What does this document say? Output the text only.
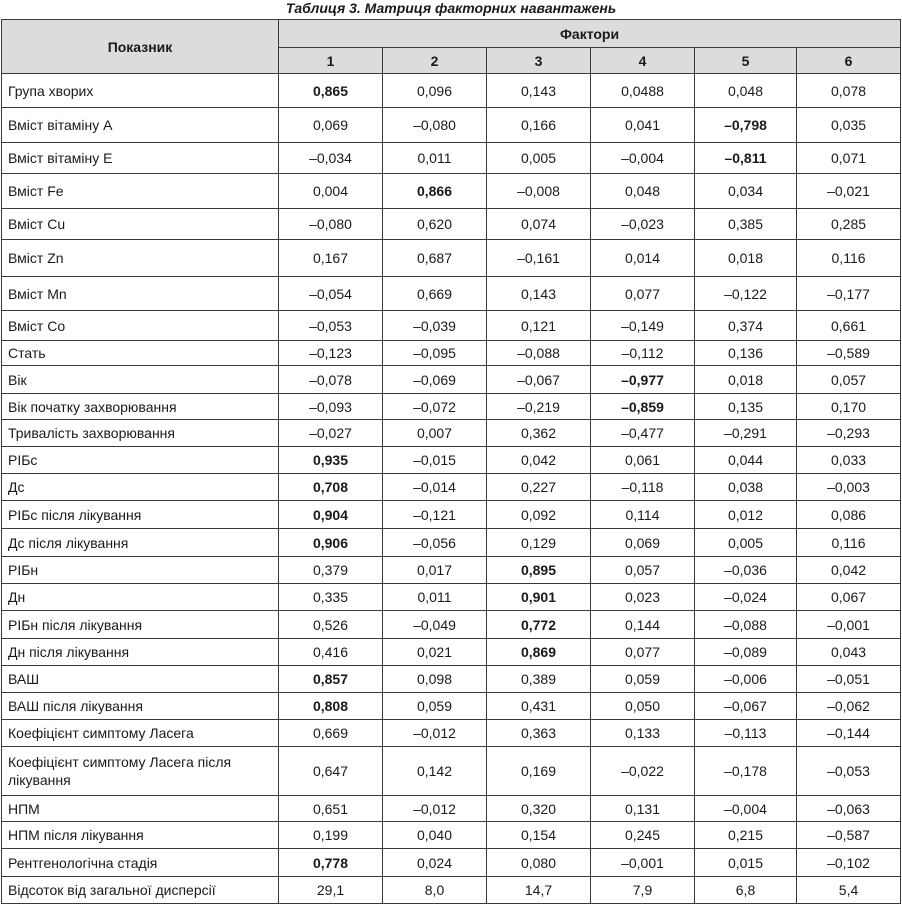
Таблиця 3. Матриця факторних навантажень
Показник	Фактори					
	1	2	3	4	5	6
Група хворих	0,865	0,096	0,143	0,0488	0,048	0,078
Вміст вітаміну А	0,069	–0,080	0,166	0,041	–0,798	0,035
Вміст вітаміну Е	–0,034	0,011	0,005	–0,004	–0,811	0,071
Вміст Fe	0,004	0,866	–0,008	0,048	0,034	–0,021
Вміст Cu	–0,080	0,620	0,074	–0,023	0,385	0,285
Вміст Zn	0,167	0,687	–0,161	0,014	0,018	0,116
Вміст Mn	–0,054	0,669	0,143	0,077	–0,122	–0,177
Вміст Co	–0,053	–0,039	0,121	–0,149	0,374	0,661
Стать	–0,123	–0,095	–0,088	–0,112	0,136	–0,589
Вік	–0,078	–0,069	–0,067	–0,977	0,018	0,057
Вік початку захворювання	–0,093	–0,072	–0,219	–0,859	0,135	0,170
Тривалість захворювання	–0,027	0,007	0,362	–0,477	–0,291	–0,293
РІБс	0,935	–0,015	0,042	0,061	0,044	0,033
Дс	0,708	–0,014	0,227	–0,118	0,038	–0,003
РІБс після лікування	0,904	–0,121	0,092	0,114	0,012	0,086
Дс після лікування	0,906	–0,056	0,129	0,069	0,005	0,116
РІБн	0,379	0,017	0,895	0,057	–0,036	0,042
Дн	0,335	0,011	0,901	0,023	–0,024	0,067
РІБн після лікування	0,526	–0,049	0,772	0,144	–0,088	–0,001
Дн після лікування	0,416	0,021	0,869	0,077	–0,089	0,043
ВАШ	0,857	0,098	0,389	0,059	–0,006	–0,051
ВАШ після лікування	0,808	0,059	0,431	0,050	–0,067	–0,062
Коефіцієнт симптому Ласега	0,669	–0,012	0,363	0,133	–0,113	–0,144
Коефіцієнт симптому Ласега після лікування	0,647	0,142	0,169	–0,022	–0,178	–0,053
НПМ	0,651	–0,012	0,320	0,131	–0,004	–0,063
НПМ після лікування	0,199	0,040	0,154	0,245	0,215	–0,587
Рентгенологічна стадія	0,778	0,024	0,080	–0,001	0,015	–0,102
Відсоток від загальної дисперсії	29,1	8,0	14,7	7,9	6,8	5,4
